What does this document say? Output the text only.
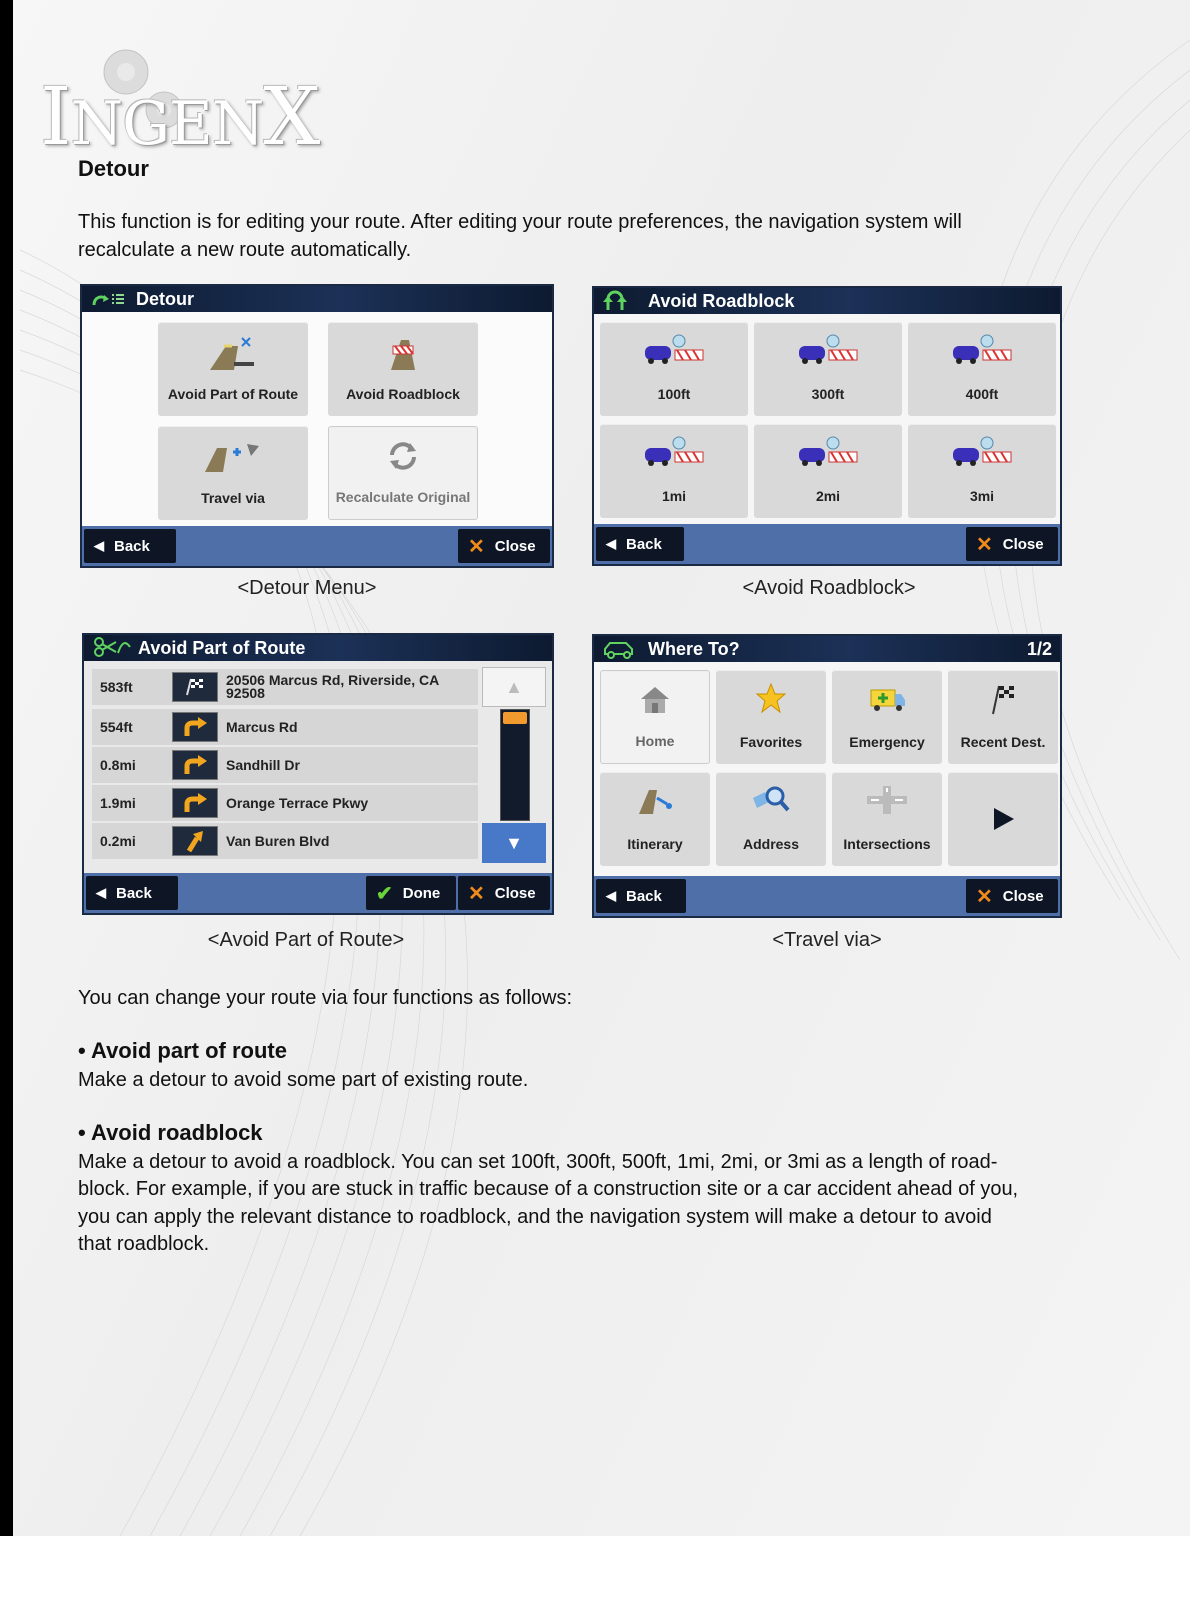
INGENX
Detour

This function is for editing your route. After editing your route preferences, the navigation system will

recalculate a new route automatically.

Detour
Avoid Part of Route	Avoid Roadblock
Travel via	Recalculate Original
◀ Back	✕ Close
<Detour Menu>
Avoid Roadblock
100ft	300ft	400ft
1mi	2mi	3mi
◀ Back	✕ Close
<Avoid Roadblock>
Avoid Part of Route
583ft	20506 Marcus Rd, Riverside, CA
92508
554ft	Marcus Rd
0.8mi	Sandhill Dr
1.9mi	Orange Terrace Pkwy
0.2mi	Van Buren Blvd
▲
▼
◀ Back	✔ Done ✕ Close
<Avoid Part of Route>
Where To?	1/2
Home	Favorites	Emergency	Recent Dest.
Itinerary	Address	Intersections
◀ Back	✕ Close
<Travel via>

You can change your route via four functions as follows:

• Avoid part of route

Make a detour to avoid some part of existing route.

• Avoid roadblock

Make a detour to avoid a roadblock. You can set 100ft, 300ft, 500ft, 1mi, 2mi, or 3mi as a length of road-

block. For example, if you are stuck in traffic because of a construction site or a car accident ahead of you,

you can apply the relevant distance to roadblock, and the navigation system will make a detour to avoid

that roadblock.
